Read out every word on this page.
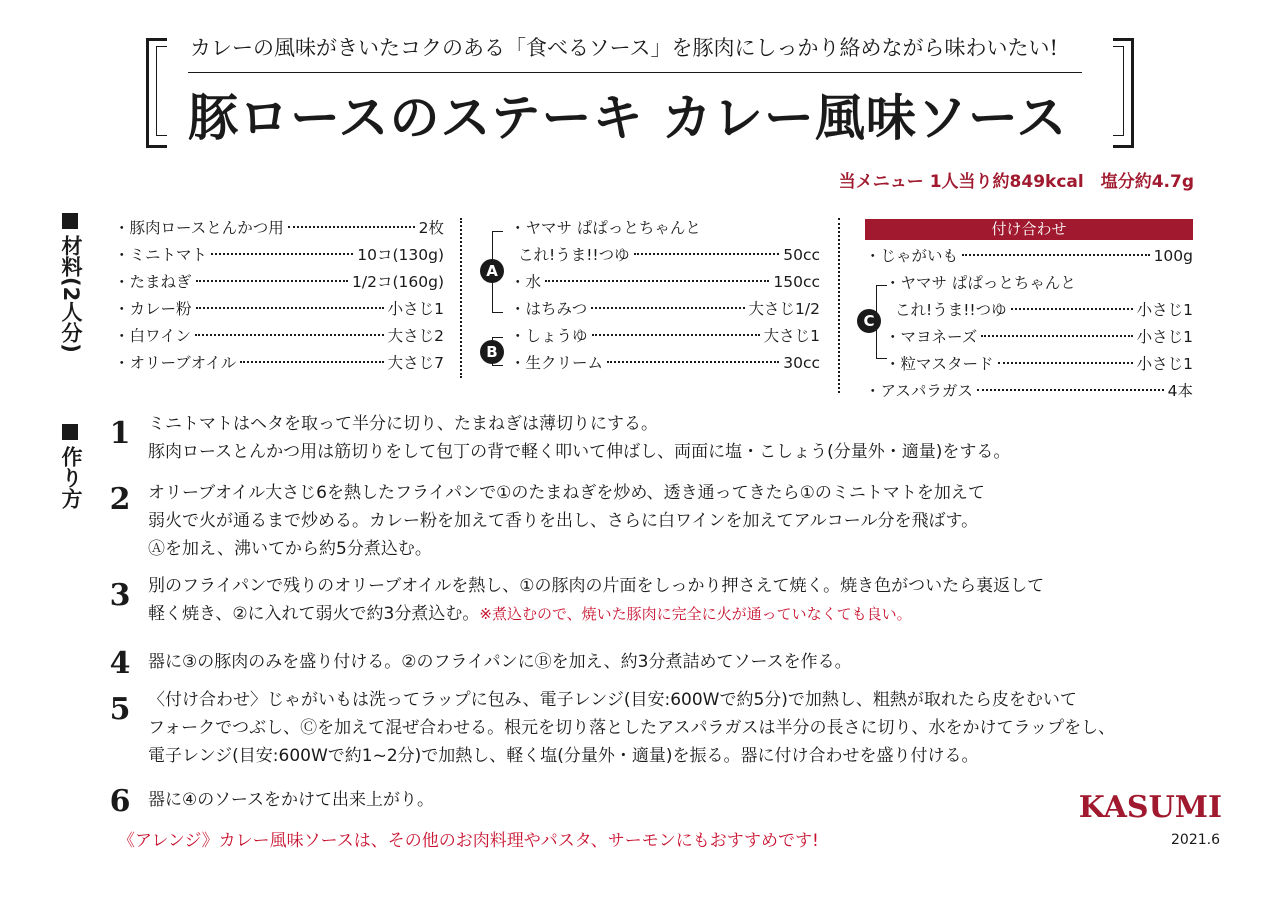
カレーの風味がきいたコクのある「食べるソース」を豚肉にしっかり絡めながら味わいたい!
豚ロースのステーキ カレー風味ソース
当メニュー 1人当り約849kcal　塩分約4.7g
材料(2人分)
作り方
・豚肉ロースとんかつ用	2枚
・ミニトマト	10コ(130g)
・たまねぎ	1/2コ(160g)
・カレー粉	小さじ1
・白ワイン	大さじ2
・オリーブオイル	大さじ7
A
B
・ヤマサ ぱぱっとちゃんと
これ!うま!!つゆ	50cc
・水	150cc
・はちみつ	大さじ1/2
・しょうゆ	大さじ1
・生クリーム	30cc
付け合わせ
C
・じゃがいも	100g
・ヤマサ ぱぱっとちゃんと
これ!うま!!つゆ	小さじ1
・マヨネーズ	小さじ1
・粒マスタード	小さじ1
・アスパラガス	4本
1 ミニトマトはヘタを取って半分に切り、たまねぎは薄切りにする。
豚肉ロースとんかつ用は筋切りをして包丁の背で軽く叩いて伸ばし、両面に塩・こしょう(分量外・適量)をする。
2 オリーブオイル大さじ6を熱したフライパンで①のたまねぎを炒め、透き通ってきたら①のミニトマトを加えて
弱火で火が通るまで炒める。カレー粉を加えて香りを出し、さらに白ワインを加えてアルコール分を飛ばす。
Ⓐを加え、沸いてから約5分煮込む。
3 別のフライパンで残りのオリーブオイルを熱し、①の豚肉の片面をしっかり押さえて焼く。焼き色がついたら裏返して
軽く焼き、②に入れて弱火で約3分煮込む。※煮込むので、焼いた豚肉に完全に火が通っていなくても良い。
4 器に③の豚肉のみを盛り付ける。②のフライパンにⒷを加え、約3分煮詰めてソースを作る。
5 〈付け合わせ〉じゃがいもは洗ってラップに包み、電子レンジ(目安:600Wで約5分)で加熱し、粗熱が取れたら皮をむいて
フォークでつぶし、Ⓒを加えて混ぜ合わせる。根元を切り落としたアスパラガスは半分の長さに切り、水をかけてラップをし、
電子レンジ(目安:600Wで約1~2分)で加熱し、軽く塩(分量外・適量)を振る。器に付け合わせを盛り付ける。
6 器に④のソースをかけて出来上がり。
《アレンジ》カレー風味ソースは、その他のお肉料理やパスタ、サーモンにもおすすめです!
KASUMI
2021.6
